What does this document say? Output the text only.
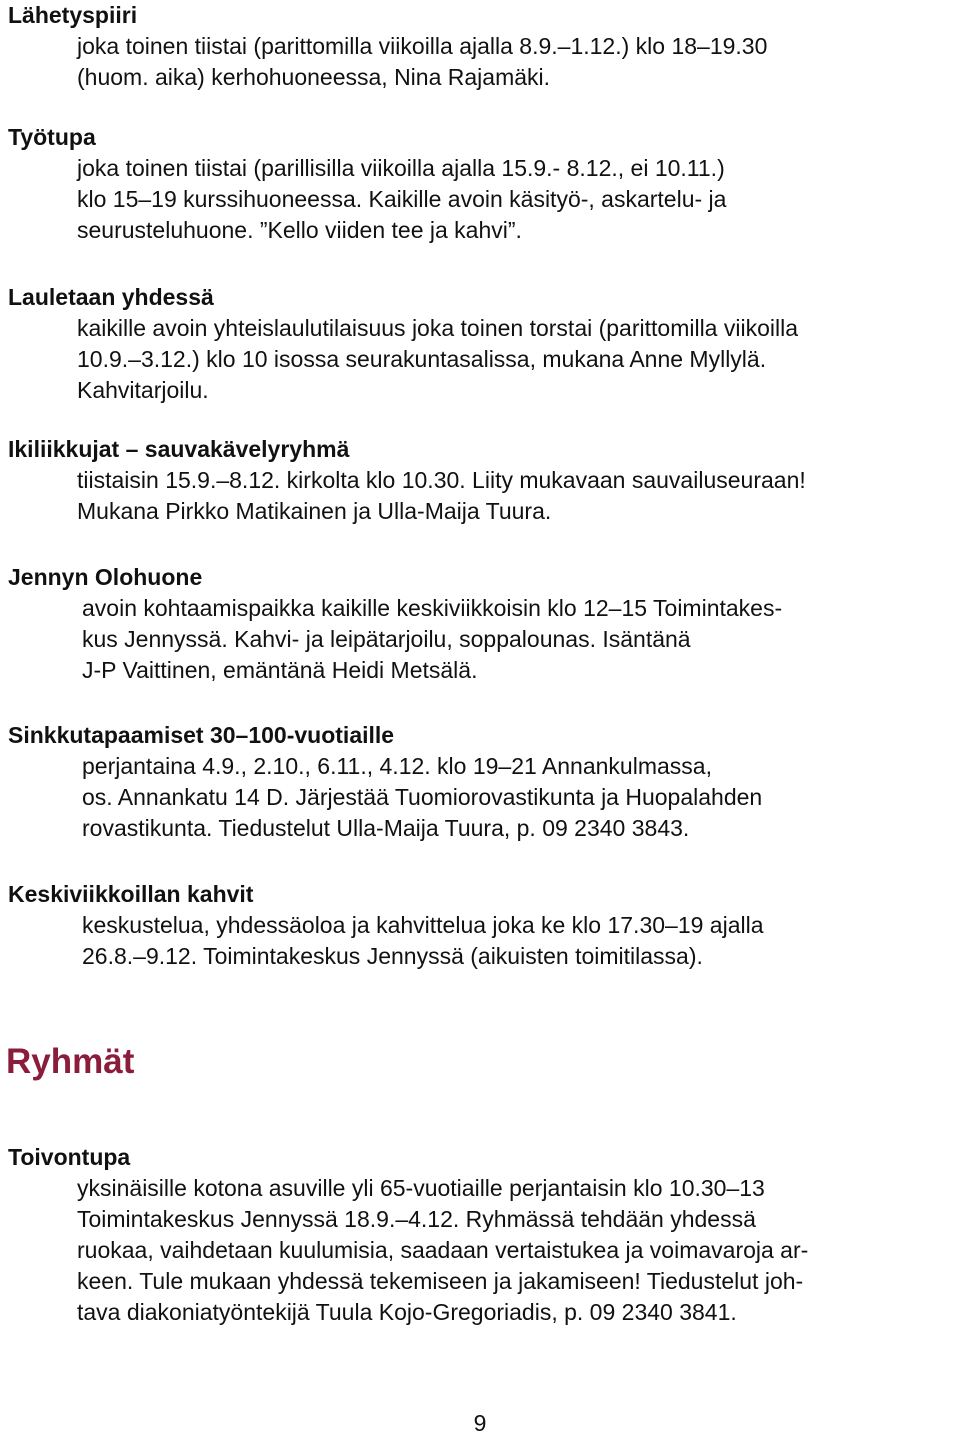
Lähetyspiiri
joka toinen tiistai (parittomilla viikoilla ajalla 8.9.–1.12.) klo 18–19.30
(huom. aika) kerhohuoneessa, Nina Rajamäki.
Työtupa
joka toinen tiistai (parillisilla viikoilla ajalla 15.9.- 8.12., ei 10.11.)
klo 15–19 kurssihuoneessa. Kaikille avoin käsityö-, askartelu- ja
seurusteluhuone. ”Kello viiden tee ja kahvi”.
Lauletaan yhdessä
kaikille avoin yhteislaulutilaisuus joka toinen torstai (parittomilla viikoilla
10.9.–3.12.) klo 10 isossa seurakuntasalissa, mukana Anne Myllylä.
Kahvitarjoilu.
Ikiliikkujat – sauvakävelyryhmä
tiistaisin 15.9.–8.12. kirkolta klo 10.30. Liity mukavaan sauvailuseuraan!
Mukana Pirkko Matikainen ja Ulla-Maija Tuura.
Jennyn Olohuone
avoin kohtaamispaikka kaikille keskiviikkoisin klo 12–15 Toimintakes-
kus Jennyssä. Kahvi- ja leipätarjoilu, soppalounas. Isäntänä
J-P Vaittinen, emäntänä Heidi Metsälä.
Sinkkutapaamiset 30–100-vuotiaille
perjantaina 4.9., 2.10., 6.11., 4.12. klo 19–21 Annankulmassa,
os. Annankatu 14 D. Järjestää Tuomiorovastikunta ja Huopalahden
rovastikunta. Tiedustelut Ulla-Maija Tuura, p. 09 2340 3843.
Keskiviikkoillan kahvit
keskustelua, yhdessäoloa ja kahvittelua joka ke klo 17.30–19 ajalla
26.8.–9.12. Toimintakeskus Jennyssä (aikuisten toimitilassa).
Ryhmät
Toivontupa
yksinäisille kotona asuville yli 65-vuotiaille perjantaisin klo 10.30–13
Toimintakeskus Jennyssä 18.9.–4.12. Ryhmässä tehdään yhdessä
ruokaa, vaihdetaan kuulumisia, saadaan vertaistukea ja voimavaroja ar-
keen. Tule mukaan yhdessä tekemiseen ja jakamiseen! Tiedustelut joh-
tava diakoniatyöntekijä Tuula Kojo-Gregoriadis, p. 09 2340 3841.
9
